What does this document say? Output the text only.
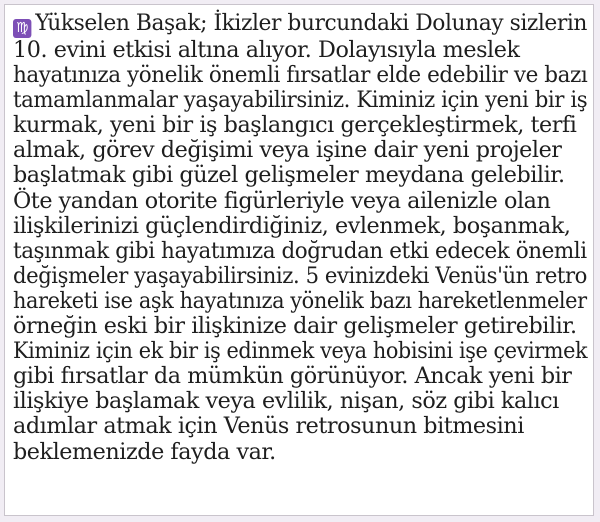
♍ Yükselen Başak; İkizler burcundaki Dolunay sizlerin
10. evini etkisi altına alıyor. Dolayısıyla meslek
hayatınıza yönelik önemli fırsatlar elde edebilir ve bazı
tamamlanmalar yaşayabilirsiniz. Kiminiz için yeni bir iş
kurmak, yeni bir iş başlangıcı gerçekleştirmek, terfi
almak, görev değişimi veya işine dair yeni projeler
başlatmak gibi güzel gelişmeler meydana gelebilir.
Öte yandan otorite figürleriyle veya ailenizle olan
ilişkilerinizi güçlendirdiğiniz, evlenmek, boşanmak,
taşınmak gibi hayatımıza doğrudan etki edecek önemli
değişmeler yaşayabilirsiniz. 5 evinizdeki Venüs'ün retro
hareketi ise aşk hayatınıza yönelik bazı hareketlenmeler
örneğin eski bir ilişkinize dair gelişmeler getirebilir.
Kiminiz için ek bir iş edinmek veya hobisini işe çevirmek
gibi fırsatlar da mümkün görünüyor. Ancak yeni bir
ilişkiye başlamak veya evlilik, nişan, söz gibi kalıcı
adımlar atmak için Venüs retrosunun bitmesini
beklemenizde fayda var.
